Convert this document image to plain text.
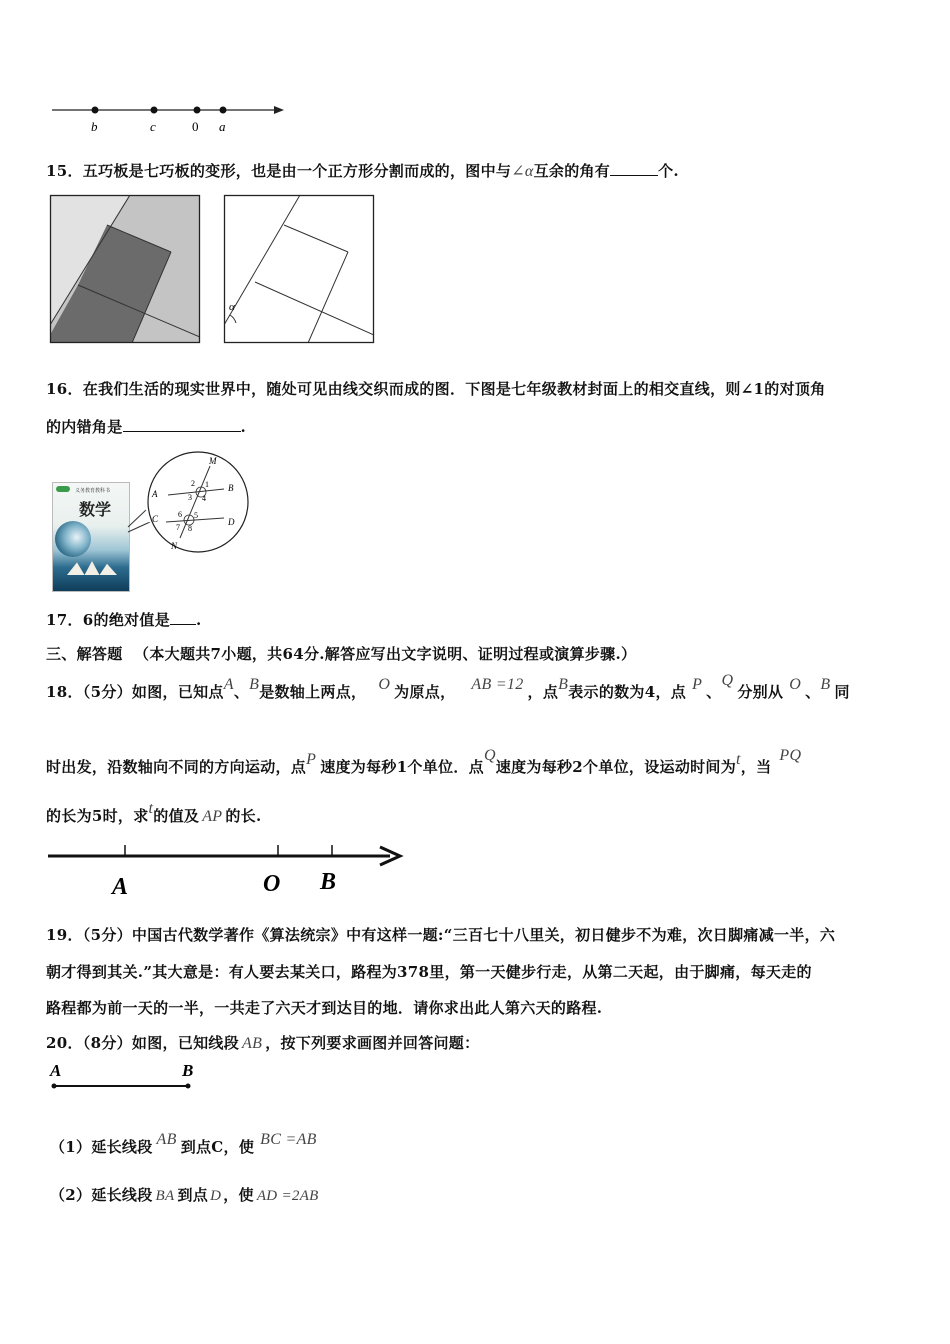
b	c	0 a
15．五巧板是七巧板的变形，也是由一个正方形分割而成的，图中与∠α互余的角有	个.
α
16．在我们生活的现实世界中，随处可见由线交织而成的图．下图是七年级教材封面上的相交直线，则∠1的对顶角
的内错角是	.
义务教育教科书
数学
M
N
A
B
C	D
2 1
3 4
6 5
7 8
17．6的绝对值是 .
三、解答题 （本大题共7小题，共64分.解答应写出文字说明、证明过程或演算步骤.）
18．（5分）如图，已知点A、B是数轴上两点， O 为原点， AB =12 ，点B表示的数为4，点 P 、Q分别从 O 、B 同
时出发，沿数轴向不同的方向运动，点P 速度为每秒1个单位．点Q速度为每秒2个单位，设运动时间为t，当PQ
的长为5时，求t的值及 AP 的长.
A	O B
19．（5分）中国古代数学著作《算法统宗》中有这样一题:“三百七十八里关，初日健步不为难，次日脚痛减一半，六
朝才得到其关.”其大意是：有人要去某关口，路程为378里，第一天健步行走，从第二天起，由于脚痛，每天走的
路程都为前一天的一半，一共走了六天才到达目的地．请你求出此人第六天的路程.
20．（8分）如图，已知线段 AB ，按下列要求画图并回答问题：
A	B
（1）延长线段 AB 到点C，使 BC =AB
（2）延长线段 BA 到点 D ，使 AD =2AB
